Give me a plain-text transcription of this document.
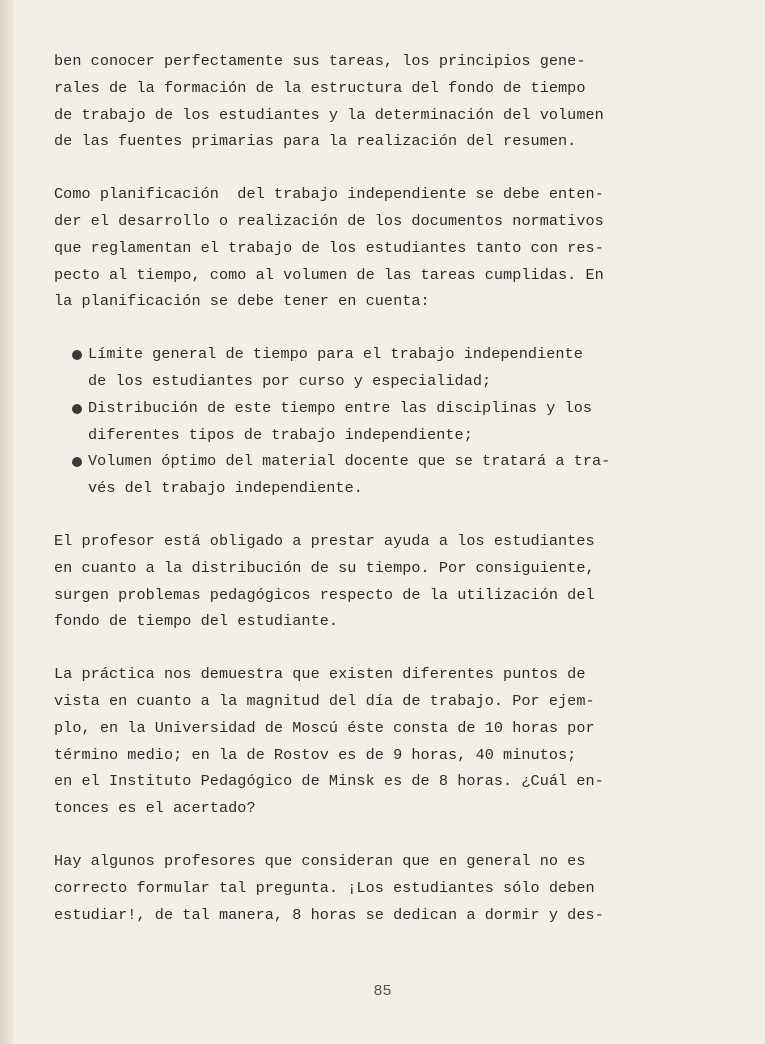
ben conocer perfectamente sus tareas, los principios gene-
rales de la formación de la estructura del fondo de tiempo
de trabajo de los estudiantes y la determinación del volumen
de las fuentes primarias para la realización del resumen.
Como planificación  del trabajo independiente se debe enten-
der el desarrollo o realización de los documentos normativos
que reglamentan el trabajo de los estudiantes tanto con res-
pecto al tiempo, como al volumen de las tareas cumplidas. En
la planificación se debe tener en cuenta:
Límite general de tiempo para el trabajo independiente
de los estudiantes por curso y especialidad;
Distribución de este tiempo entre las disciplinas y los
diferentes tipos de trabajo independiente;
Volumen óptimo del material docente que se tratará a tra-
vés del trabajo independiente.
El profesor está obligado a prestar ayuda a los estudiantes
en cuanto a la distribución de su tiempo. Por consiguiente,
surgen problemas pedagógicos respecto de la utilización del
fondo de tiempo del estudiante.
La práctica nos demuestra que existen diferentes puntos de
vista en cuanto a la magnitud del día de trabajo. Por ejem-
plo, en la Universidad de Moscú éste consta de 10 horas por
término medio; en la de Rostov es de 9 horas, 40 minutos;
en el Instituto Pedagógico de Minsk es de 8 horas. ¿Cuál en-
tonces es el acertado?
Hay algunos profesores que consideran que en general no es
correcto formular tal pregunta. ¡Los estudiantes sólo deben
estudiar!, de tal manera, 8 horas se dedican a dormir y des-
85
